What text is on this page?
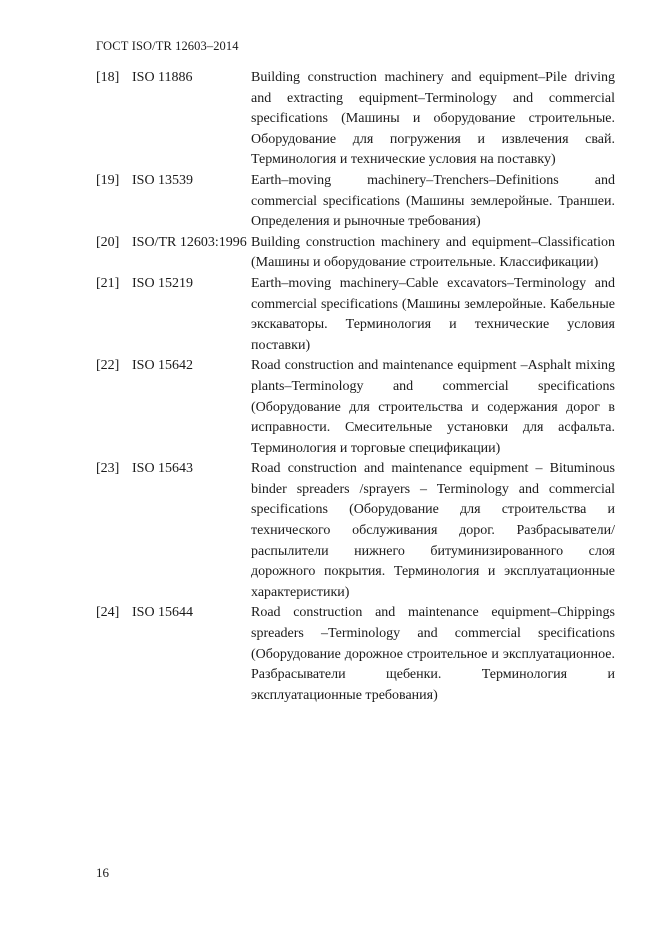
ГОСТ ISO/TR 12603–2014
[18] ISO 11886	Building construction machinery and equipment–Pile driving and extracting equipment–Terminology and commercial specifications (Машины и оборудование строительные. Оборудование для погружения и извлечения свай. Терминология и технические условия на поставку)
[19] ISO 13539	Earth–moving machinery–Trenchers–Definitions and commercial specifications (Машины землеройные. Траншеи. Определения и рыночные требования)
[20] ISO/TR 12603:1996 Building construction machinery and equipment–Classification (Машины и оборудование строительные. Классификации)
[21] ISO 15219	Earth–moving machinery–Cable excavators–Terminology and commercial specifications (Машины землеройные. Кабельные экскаваторы. Терминология и технические условия поставки)
[22] ISO 15642	Road construction and maintenance equipment –Asphalt mixing plants–Terminology and commercial specifications (Оборудование для строительства и содержания дорог в исправности. Смесительные установки для асфальта. Терминология и торговые спецификации)
[23] ISO 15643	Road construction and maintenance equipment – Bituminous binder spreaders /sprayers – Terminology and commercial specifications (Оборудование для строительства и технического обслуживания дорог. Разбрасыватели/распылители нижнего битуминизированного слоя дорожного покрытия. Терминология и эксплуатационные характеристики)
[24] ISO 15644	Road construction and maintenance equipment–Chippings spreaders –Terminology and commercial specifications (Оборудование дорожное строительное и эксплуатационное. Разбрасыватели щебенки. Терминология и эксплуатационные требования)
16
